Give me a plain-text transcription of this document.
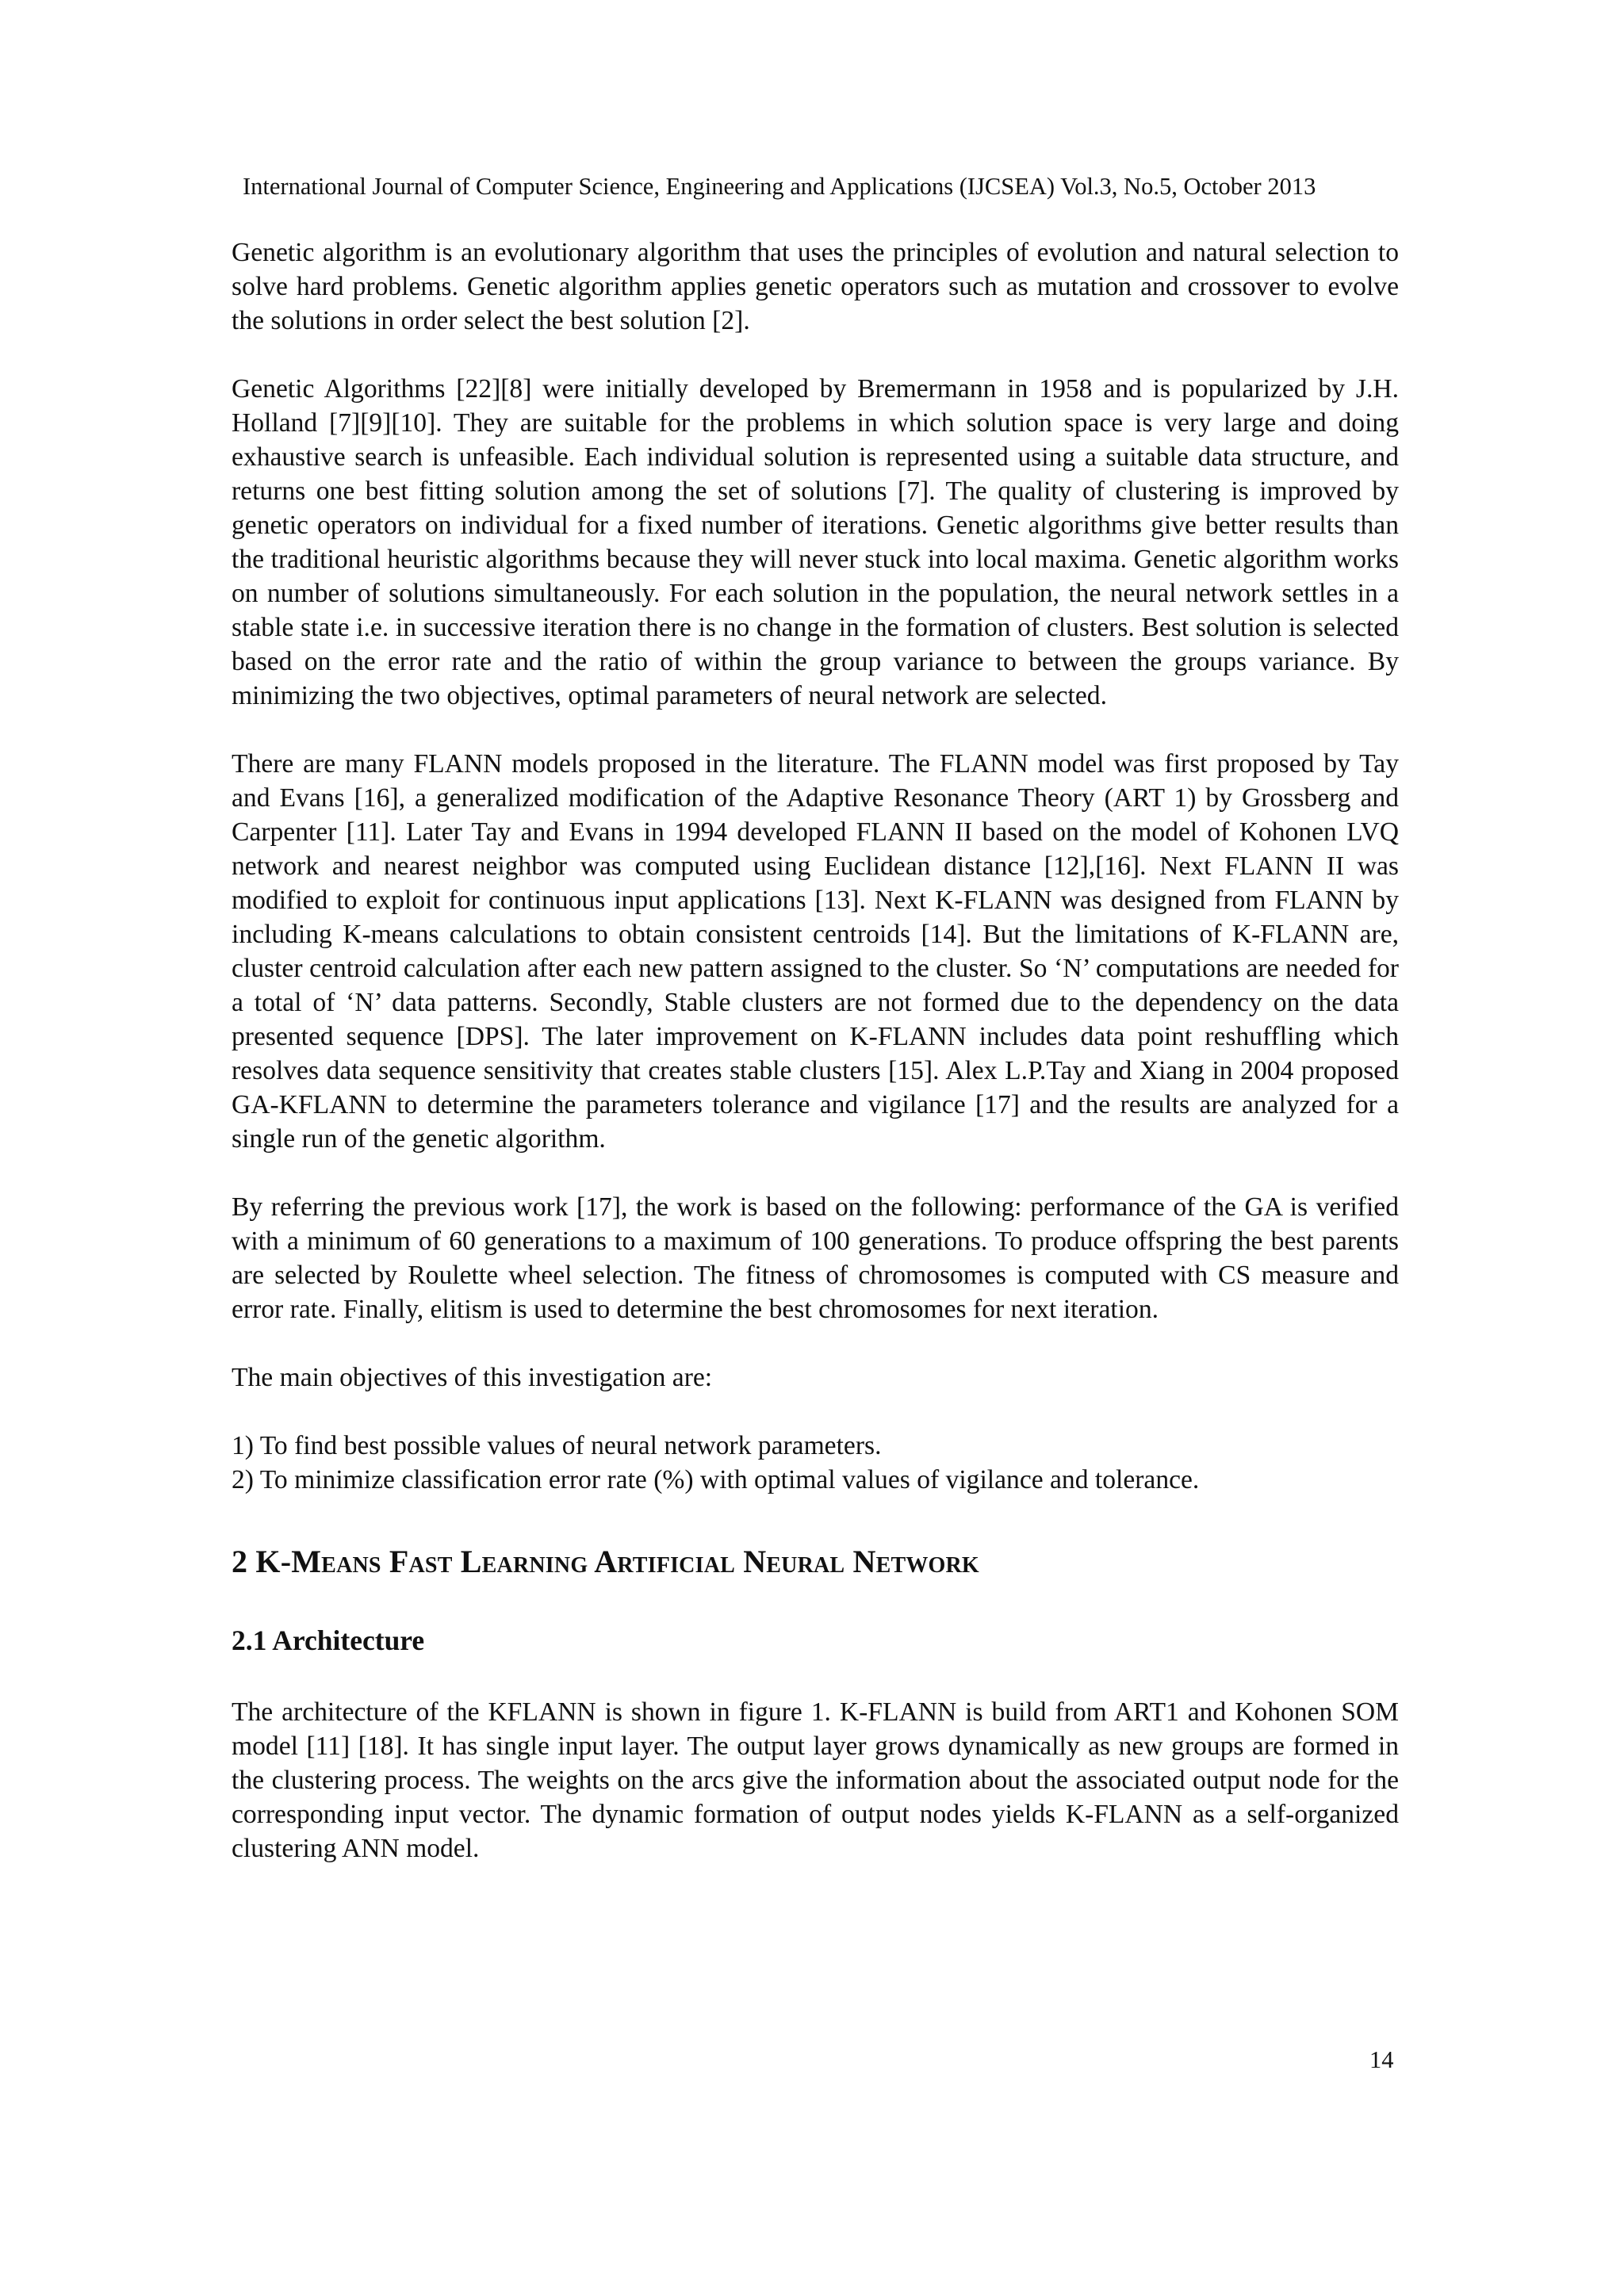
International Journal of Computer Science, Engineering and Applications (IJCSEA) Vol.3, No.5, October 2013

Genetic algorithm is an evolutionary algorithm that uses the principles of evolution and natural selection to solve hard problems. Genetic algorithm applies genetic operators such as mutation and crossover to evolve the solutions in order select the best solution [2].

Genetic Algorithms [22][8] were initially developed by Bremermann in 1958 and is popularized by J.H. Holland [7][9][10]. They are suitable for the problems in which solution space is very large and doing exhaustive search is unfeasible. Each individual solution is represented using a suitable data structure, and returns one best fitting solution among the set of solutions [7]. The quality of clustering is improved by genetic operators on individual for a fixed number of iterations. Genetic algorithms give better results than the traditional heuristic algorithms because they will never stuck into local maxima. Genetic algorithm works on number of solutions simultaneously. For each solution in the population, the neural network settles in a stable state i.e. in successive iteration there is no change in the formation of clusters. Best solution is selected based on the error rate and the ratio of within the group variance to between the groups variance. By minimizing the two objectives, optimal parameters of neural network are selected.

There are many FLANN models proposed in the literature. The FLANN model was first proposed by Tay and Evans [16], a generalized modification of the Adaptive Resonance Theory (ART 1) by Grossberg and Carpenter [11]. Later Tay and Evans in 1994 developed FLANN II based on the model of Kohonen LVQ network and nearest neighbor was computed using Euclidean distance [12],[16]. Next FLANN II was modified to exploit for continuous input applications [13]. Next K-FLANN was designed from FLANN by including K-means calculations to obtain consistent centroids [14]. But the limitations of K-FLANN are, cluster centroid calculation after each new pattern assigned to the cluster. So ‘N’ computations are needed for a total of ‘N’ data patterns. Secondly, Stable clusters are not formed due to the dependency on the data presented sequence [DPS]. The later improvement on K-FLANN includes data point reshuffling which resolves data sequence sensitivity that creates stable clusters [15]. Alex L.P.Tay and Xiang in 2004 proposed GA-KFLANN to determine the parameters tolerance and vigilance [17] and the results are analyzed for a single run of the genetic algorithm.

By referring the previous work [17], the work is based on the following: performance of the GA is verified with a minimum of 60 generations to a maximum of 100 generations. To produce offspring the best parents are selected by Roulette wheel selection. The fitness of chromosomes is computed with CS measure and error rate. Finally, elitism is used to determine the best chromosomes for next iteration.

The main objectives of this investigation are:

1) To find best possible values of neural network parameters.
2) To minimize classification error rate (%) with optimal values of vigilance and tolerance.
2 K-Means Fast Learning Artificial Neural Network
2.1 Architecture

The architecture of the KFLANN is shown in figure 1. K-FLANN is build from ART1 and Kohonen SOM model [11] [18]. It has single input layer. The output layer grows dynamically as new groups are formed in the clustering process. The weights on the arcs give the information about the associated output node for the corresponding input vector. The dynamic formation of output nodes yields K-FLANN as a self-organized clustering ANN model.

14
